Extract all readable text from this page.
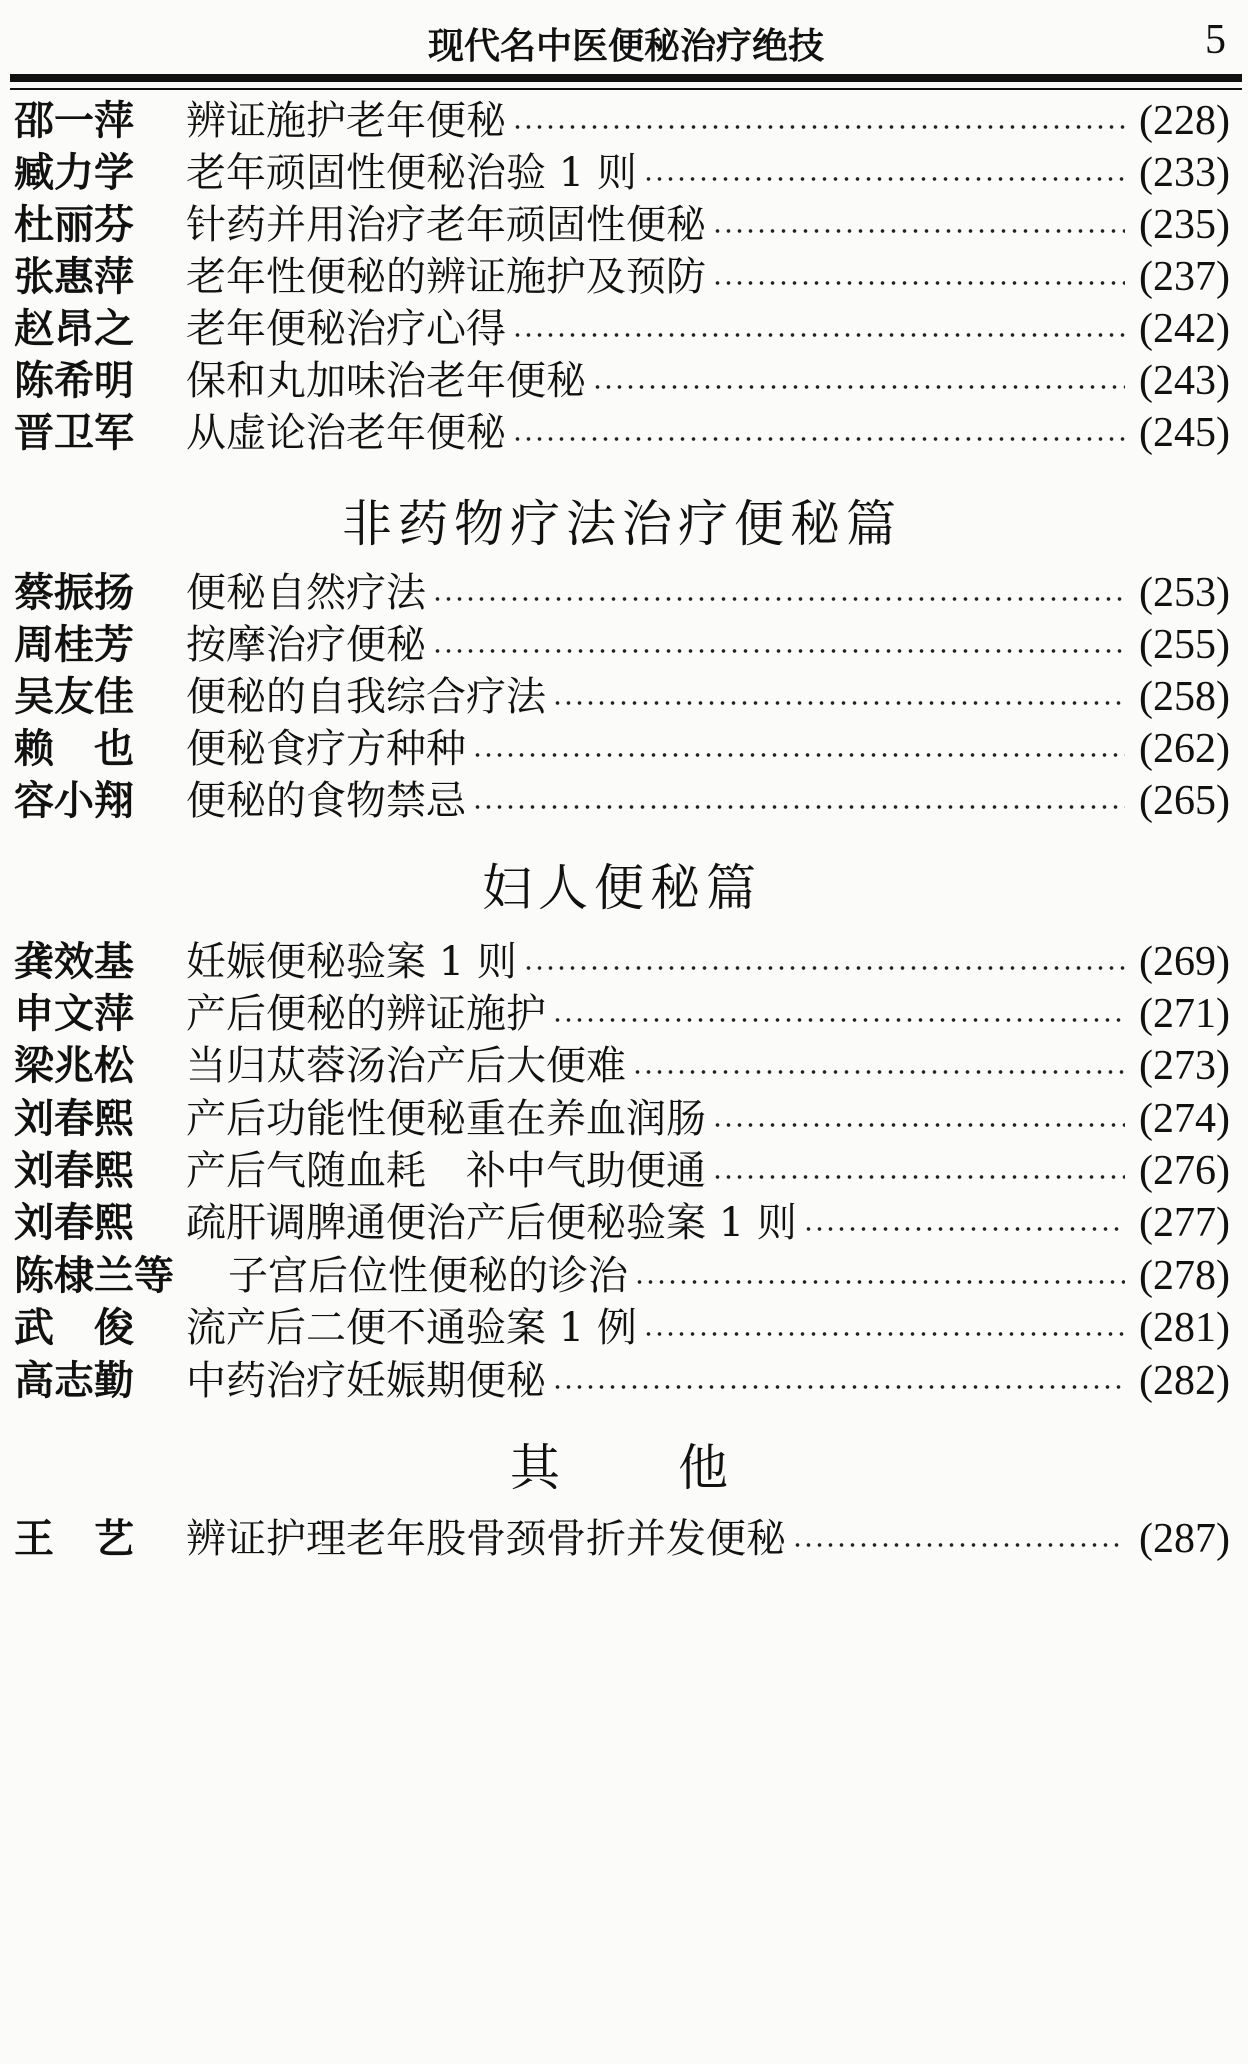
现代名中医便秘治疗绝技	5
邵一萍	辨证施护老年便秘	(228)
臧力学	老年顽固性便秘治验 1 则	(233)
杜丽芬	针药并用治疗老年顽固性便秘	(235)
张惠萍	老年性便秘的辨证施护及预防	(237)
赵昂之	老年便秘治疗心得	(242)
陈希明	保和丸加味治老年便秘	(243)
晋卫军	从虚论治老年便秘	(245)
非药物疗法治疗便秘篇
蔡振扬	便秘自然疗法	(253)
周桂芳	按摩治疗便秘	(255)
吴友佳	便秘的自我综合疗法	(258)
赖　也	便秘食疗方种种	(262)
容小翔	便秘的食物禁忌	(265)
妇人便秘篇
龚效基	妊娠便秘验案 1 则	(269)
申文萍	产后便秘的辨证施护	(271)
梁兆松	当归苁蓉汤治产后大便难	(273)
刘春熙	产后功能性便秘重在养血润肠	(274)
刘春熙	产后气随血耗　补中气助便通	(276)
刘春熙	疏肝调脾通便治产后便秘验案 1 则	(277)
陈棣兰等	子宫后位性便秘的诊治	(278)
武　俊	流产后二便不通验案 1 例	(281)
高志勤	中药治疗妊娠期便秘	(282)
其　　他
王　艺	辨证护理老年股骨颈骨折并发便秘	(287)
